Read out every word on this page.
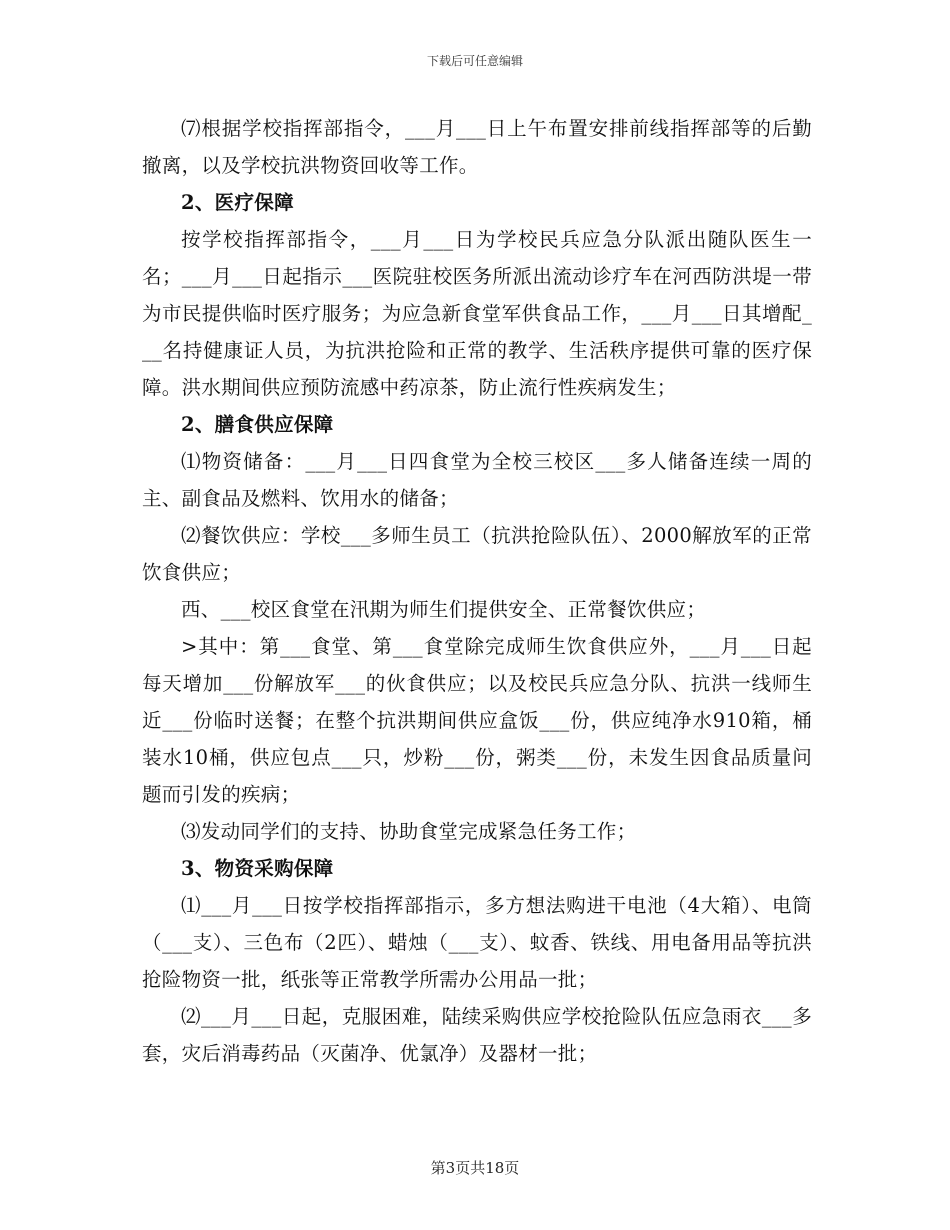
下载后可任意编辑

⑺根据学校指挥部指令，___月___日上午布置安排前线指挥部等的后勤撤离，以及学校抗洪物资回收等工作。

2、医疗保障

按学校指挥部指令，___月___日为学校民兵应急分队派出随队医生一名；___月___日起指示___医院驻校医务所派出流动诊疗车在河西防洪堤一带为市民提供临时医疗服务；为应急新食堂军供食品工作，___月___日其增配___名持健康证人员，为抗洪抢险和正常的教学、生活秩序提供可靠的医疗保障。洪水期间供应预防流感中药凉茶，防止流行性疾病发生；

2、膳食供应保障

⑴物资储备：___月___日四食堂为全校三校区___多人储备连续一周的主、副食品及燃料、饮用水的储备；

⑵餐饮供应：学校___多师生员工（抗洪抢险队伍）、2000解放军的正常饮食供应；

西、___校区食堂在汛期为师生们提供安全、正常餐饮供应；

>其中：第___食堂、第___食堂除完成师生饮食供应外，___月___日起每天增加___份解放军___的伙食供应；以及校民兵应急分队、抗洪一线师生近___份临时送餐；在整个抗洪期间供应盒饭___份，供应纯净水910箱，桶装水10桶，供应包点___只，炒粉___份，粥类___份，未发生因食品质量问题而引发的疾病；

⑶发动同学们的支持、协助食堂完成紧急任务工作；

3、物资采购保障

⑴___月___日按学校指挥部指示，多方想法购进干电池（4大箱）、电筒（___支）、三色布（2匹）、蜡烛（___支）、蚊香、铁线、用电备用品等抗洪抢险物资一批，纸张等正常教学所需办公用品一批；

⑵___月___日起，克服困难，陆续采购供应学校抢险队伍应急雨衣___多套，灾后消毒药品（灭菌净、优氯净）及器材一批；

第3页共18页
